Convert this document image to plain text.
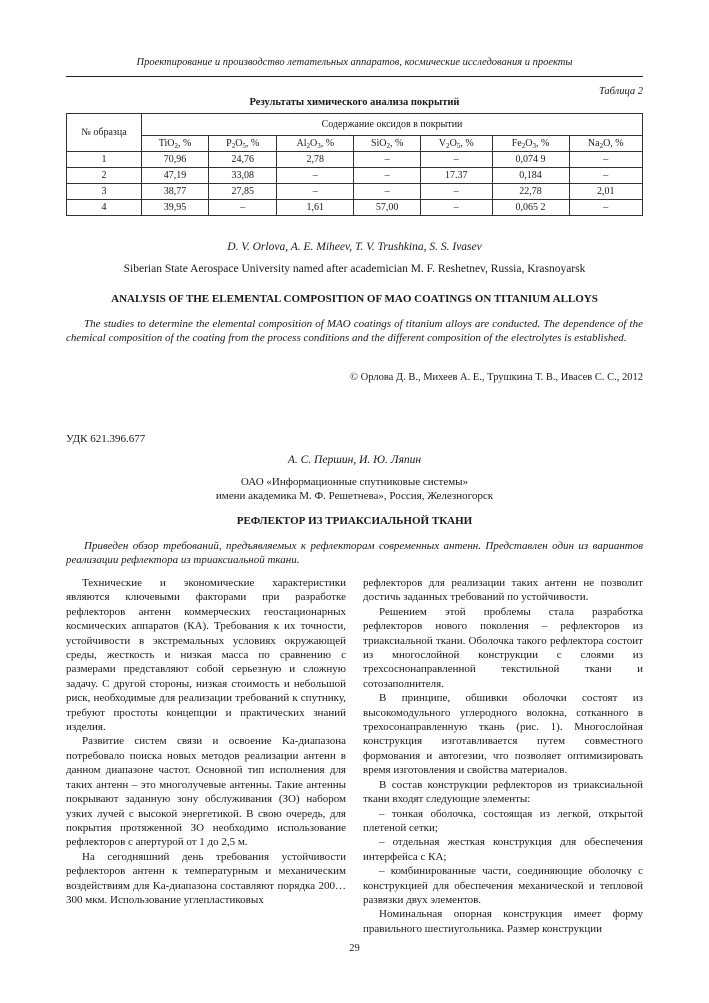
Проектирование и производство летательных аппаратов, космические исследования и проекты
Таблица 2
Результаты химического анализа покрытий
№ образца	Содержание оксидов в покрытии						
	TiO$_2$, %	$P_2O_5$, %	$Al_2O_3$, %	SiO$_2$, %	$V_2O_5$, %	$Fe_2O_3$, %	$Na_2O$, %
1	70,96	24,76	2,78	–	–	0,074 9	–
2	47,19	33,08	–	–	17.37	0,184	–
3	38,77	27,85	–	–	–	22,78	2,01
4	39,95	–	1,61	57,00	–	0,065 2	–
D. V. Orlova, A. E. Miheev, T. V. Trushkina, S. S. Ivasev
Siberian State Aerospace University named after academician M. F. Reshetnev, Russia, Krasnoyarsk
ANALYSIS OF THE ELEMENTAL COMPOSITION OF MAO COATINGS ON TITANIUM ALLOYS
The studies to determine the elemental composition of MAO coatings of titanium alloys are conducted. The dependence of the chemical composition of the coating from the process conditions and the different composition of the electrolytes is established.
© Орлова Д. В., Михеев А. Е., Трушкина Т. В., Ивасев С. С., 2012
УДК 621.396.677
А. С. Першин, И. Ю. Ляпин
ОАО «Информационные спутниковые системы»
имени академика М. Ф. Решетнева», Россия, Железногорск
РЕФЛЕКТОР ИЗ ТРИАКСИАЛЬНОЙ ТКАНИ
Приведен обзор требований, предъявляемых к рефлекторам современных антенн. Представлен один из вариантов реализации рефлектора из триаксиальной ткани.

Технические и экономические характеристики являются ключевыми факторами при разработке рефлекторов антенн коммерческих геостационарных космических аппаратов (КА). Требования к их точности, устойчивости в экстремальных условиях окружающей среды, жесткость и низкая масса по сравнению с размерами представляют собой серьезную и сложную задачу. С другой стороны, низкая стоимость и небольшой риск, необходимые для реализации требований к спутнику, требуют простоты концепции и практических знаний изделия.

Развитие систем связи и освоение Ka-диапазона потребовало поиска новых методов реализации антенн в данном диапазоне частот. Основной тип исполнения для таких антенн – это многолучевые антенны. Такие антенны покрывают заданную зону обслуживания (ЗО) набором узких лучей с высокой энергетикой. В свою очередь, для покрытия протяженной ЗО необходимо использование рефлекторов с апертурой от 1 до 2,5 м.

На сегодняшний день требования устойчивости рефлекторов антенн к температурным и механическим воздействиям для Ka-диапазона составляют порядка 200…300 мкм. Использование углепластиковых

рефлекторов для реализации таких антенн не позволит достичь заданных требований по устойчивости.

Решением этой проблемы стала разработка рефлекторов нового поколения – рефлекторов из триаксиальной ткани. Оболочка такого рефлектора состоит из многослойной конструкции с слоями из трехсоснонаправленной текстильной ткани и сотозаполнителя.

В принципе, обшивки оболочки состоят из высокомодульного углеродного волокна, сотканного в трехосонаправленную ткань (рис. 1). Многослойная конструкция изготавливается путем совместного формования и автогезии, что позволяет оптимизировать время изготовления и свойства материалов.

В состав конструкции рефлекторов из триаксиальной ткани входят следующие элементы:

– тонкая оболочка, состоящая из легкой, открытой плетеной сетки;

– отдельная жесткая конструкция для обеспечения интерфейса с КА;

– комбинированные части, соединяющие оболочку с конструкцией для обеспечения механической и тепловой развязки двух элементов.

Номинальная опорная конструкция имеет форму правильного шестиугольника. Размер конструкции

29
